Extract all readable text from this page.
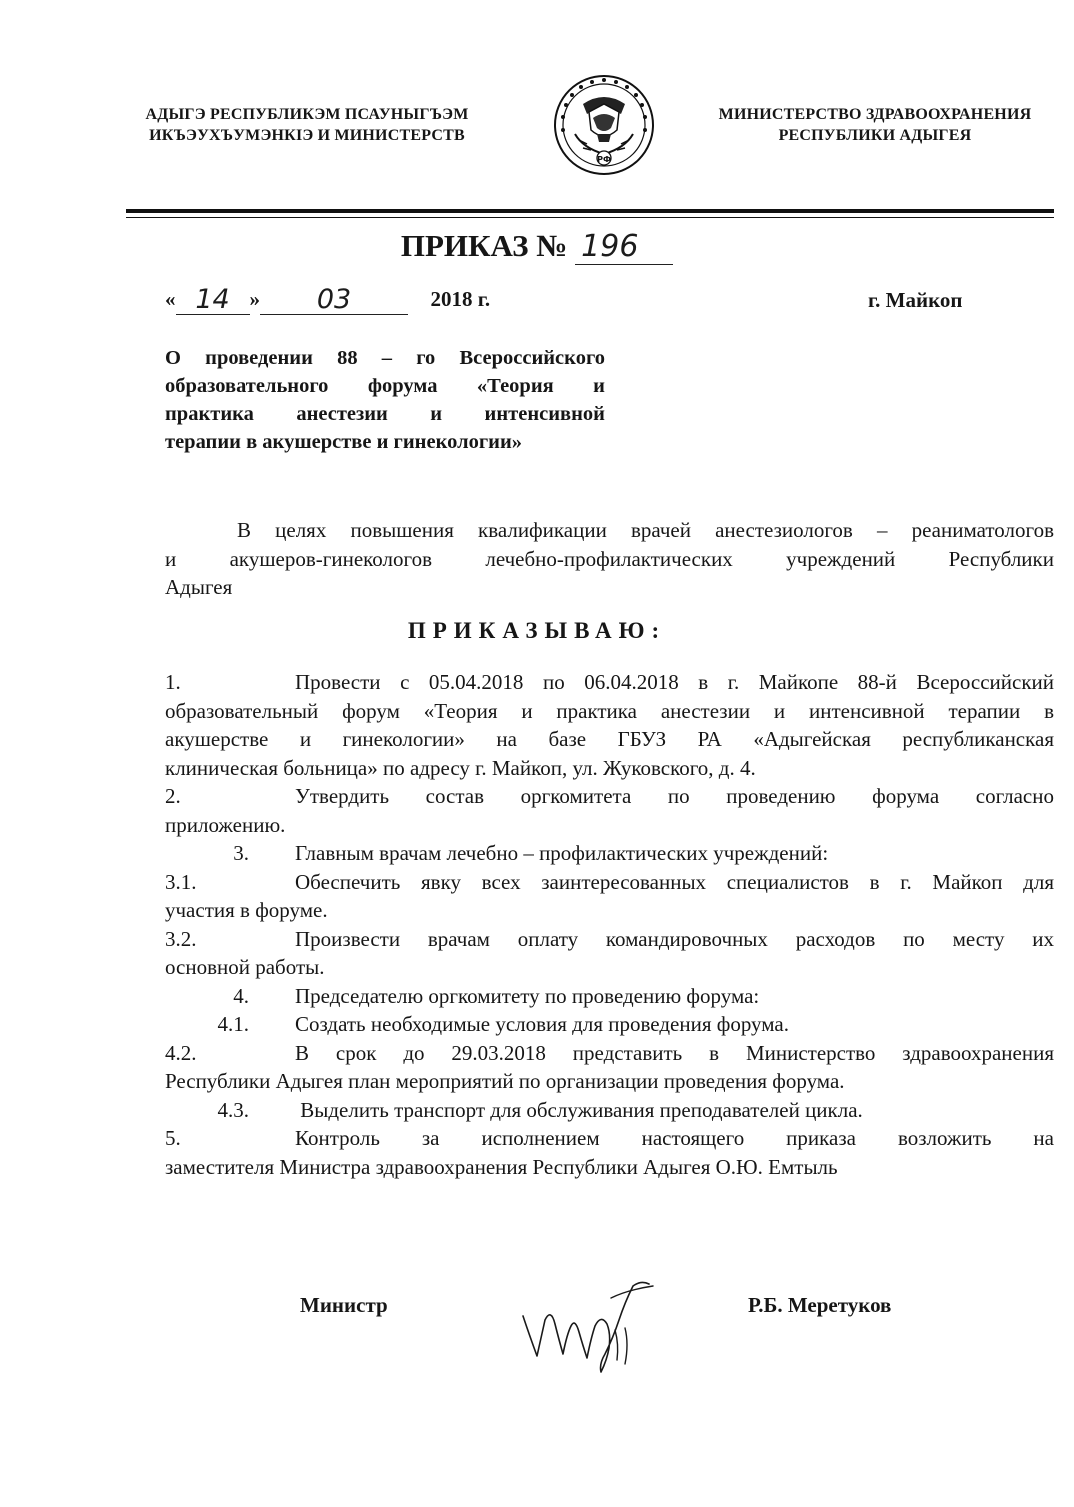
АДЫГЭ РЕСПУБЛИКЭМ ПСАУНЫГЪЭМ
ИКЪЭУХЪУМЭНКIЭ И МИНИСТЕРСТВ
РФ
МИНИСТЕРСТВО ЗДРАВООХРАНЕНИЯ
РЕСПУБЛИКИ АДЫГЕЯ
ПРИКАЗ № 196
« 14 » 03	2018 г.	г. Майкоп
О проведении 88 – го Всероссийского
образовательного форума «Теория и
практика анестезии и интенсивной
терапии в акушерстве и гинекологии»
В целях повышения квалификации врачей анестезиологов – реаниматологов
и акушеров-гинекологов лечебно-профилактических учреждений Республики
Адыгея
ПРИКАЗЫВАЮ:
1.	Провести с 05.04.2018 по 06.04.2018 в г. Майкопе 88-й Всероссийский
образовательный форум «Теория и практика анестезии и интенсивной терапии в
акушерстве и гинекологии» на базе ГБУЗ РА «Адыгейская республиканская
клиническая больница» по адресу г. Майкоп, ул. Жуковского, д. 4.
2.	Утвердить состав оргкомитета по проведению форума согласно
приложению.
3. Главным врачам лечебно – профилактических учреждений:
3.1.	Обеспечить явку всех заинтересованных специалистов в г. Майкоп для
участия в форуме.
3.2.	Произвести врачам оплату командировочных расходов по месту их
основной работы.
4. Председателю оргкомитету по проведению форума:
4.1. Создать необходимые условия для проведения форума.
4.2.	В срок до 29.03.2018 представить в Министерство здравоохранения
Республики Адыгея план мероприятий по организации проведения форума.
4.3. Выделить транспорт для обслуживания преподавателей цикла.
5.	Контроль за исполнением настоящего приказа возложить на
заместителя Министра здравоохранения Республики Адыгея О.Ю. Емтыль
Министр	Р.Б. Меретуков
